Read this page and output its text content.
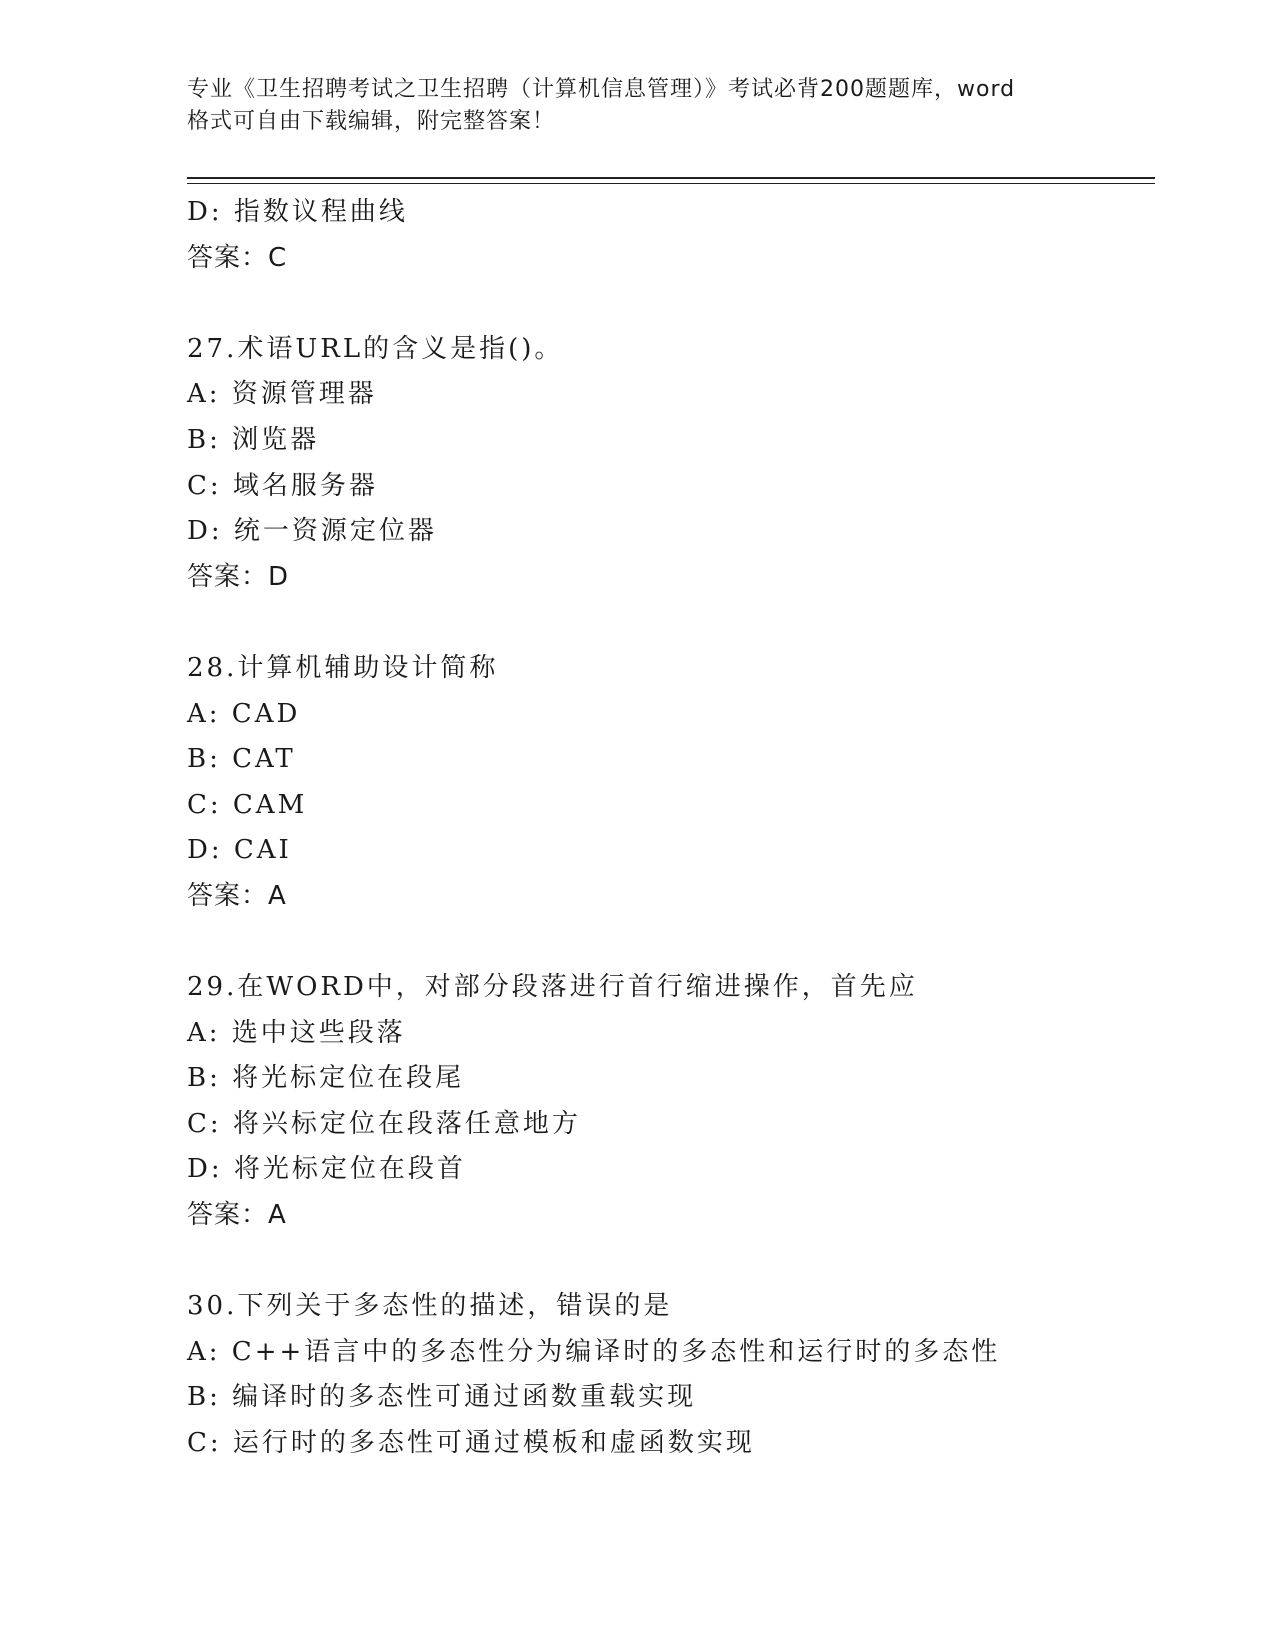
专业《卫生招聘考试之卫生招聘（计算机信息管理）》考试必背200题题库，word
格式可自由下载编辑，附完整答案！
D: 指数议程曲线
答案：C
27.术语URL的含义是指()。
A: 资源管理器
B: 浏览器
C: 域名服务器
D: 统一资源定位器
答案：D
28.计算机辅助设计简称
A: CAD
B: CAT
C: CAM
D: CAI
答案：A
29.在WORD中，对部分段落进行首行缩进操作，首先应
A: 选中这些段落
B: 将光标定位在段尾
C: 将兴标定位在段落任意地方
D: 将光标定位在段首
答案：A
30.下列关于多态性的描述，错误的是
A: C++语言中的多态性分为编译时的多态性和运行时的多态性
B: 编译时的多态性可通过函数重载实现
C: 运行时的多态性可通过模板和虚函数实现
